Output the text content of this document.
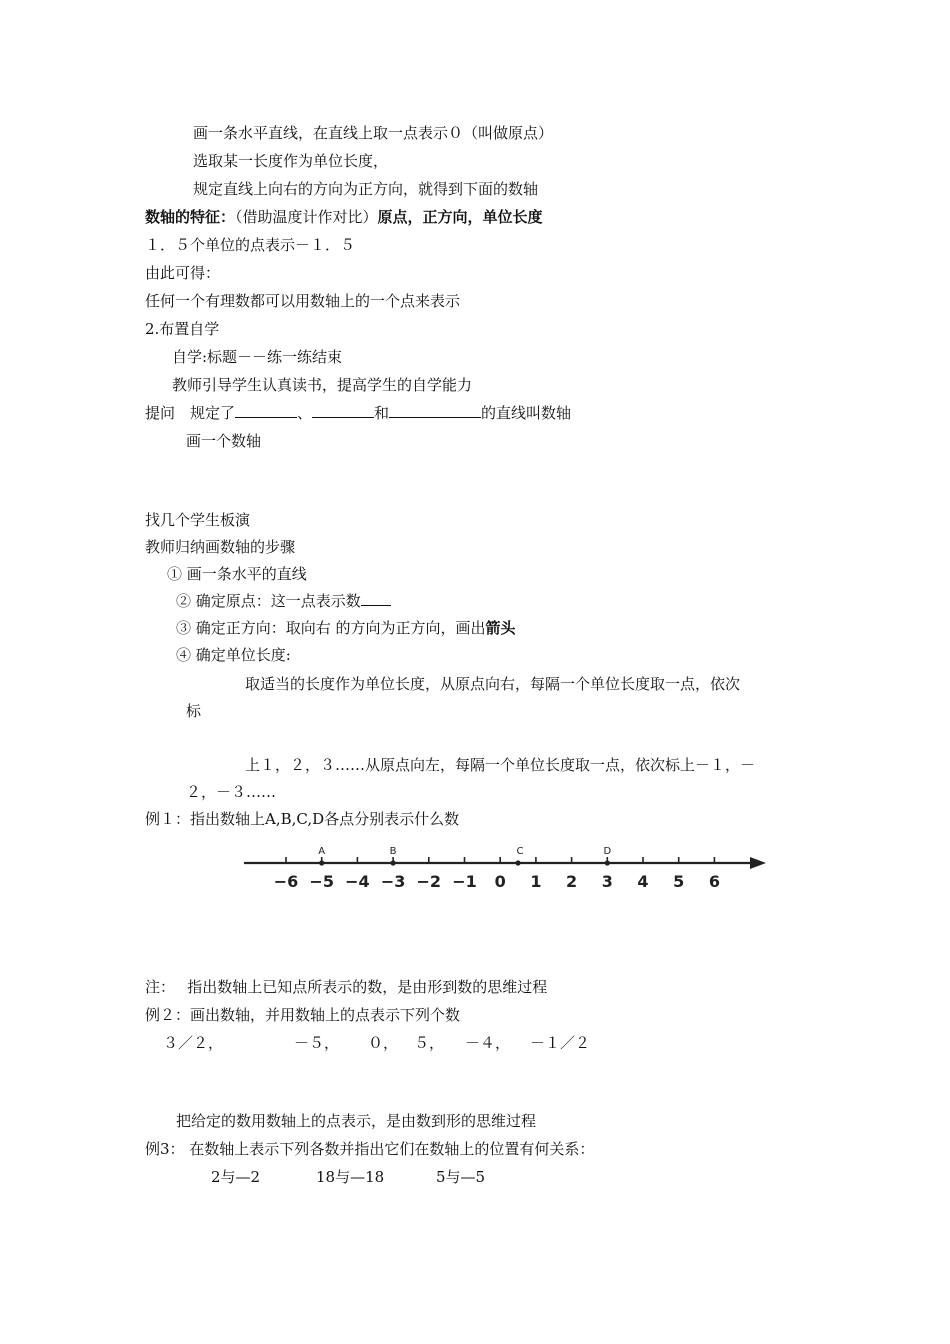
画一条水平直线，在直线上取一点表示０（叫做原点）
选取某一长度作为单位长度，
规定直线上向右的方向为正方向，就得到下面的数轴
数轴的特征：（借助温度计作对比）原点，正方向，单位长度
１．５个单位的点表示－１．５
由此可得：
任何一个有理数都可以用数轴上的一个点来表示
2.布置自学
自学:标题－－练一练结束
教师引导学生认真读书，提高学生的自学能力
提问　规定了	、	和	的直线叫数轴
画一个数轴
找几个学生板演
教师归纳画数轴的步骤
① 画一条水平的直线
② 确定原点：这一点表示数
③ 确定正方向：取向右 的方向为正方向，画出箭头
④ 确定单位长度:
取适当的长度作为单位长度，从原点向右，每隔一个单位长度取一点，依次
标
上１，２，３……从原点向左，每隔一个单位长度取一点，依次标上－１，－
２，－３……
例１：指出数轴上A,B,C,D各点分别表示什么数
−6 −5 −4 −3 −2 −1 0 1 2 3 4 5 6
A	B	C	D
注：　 指出数轴上已知点所表示的数，是由形到数的思维过程
例２：画出数轴，并用数轴上的点表示下列个数
３／２，	－５， ０， ５， －４， －１／２
把给定的数用数轴上的点表示，是由数到形的思维过程
例3： 在数轴上表示下列各数并指出它们在数轴上的位置有何关系：
2与—2	18与—18	5与—5
